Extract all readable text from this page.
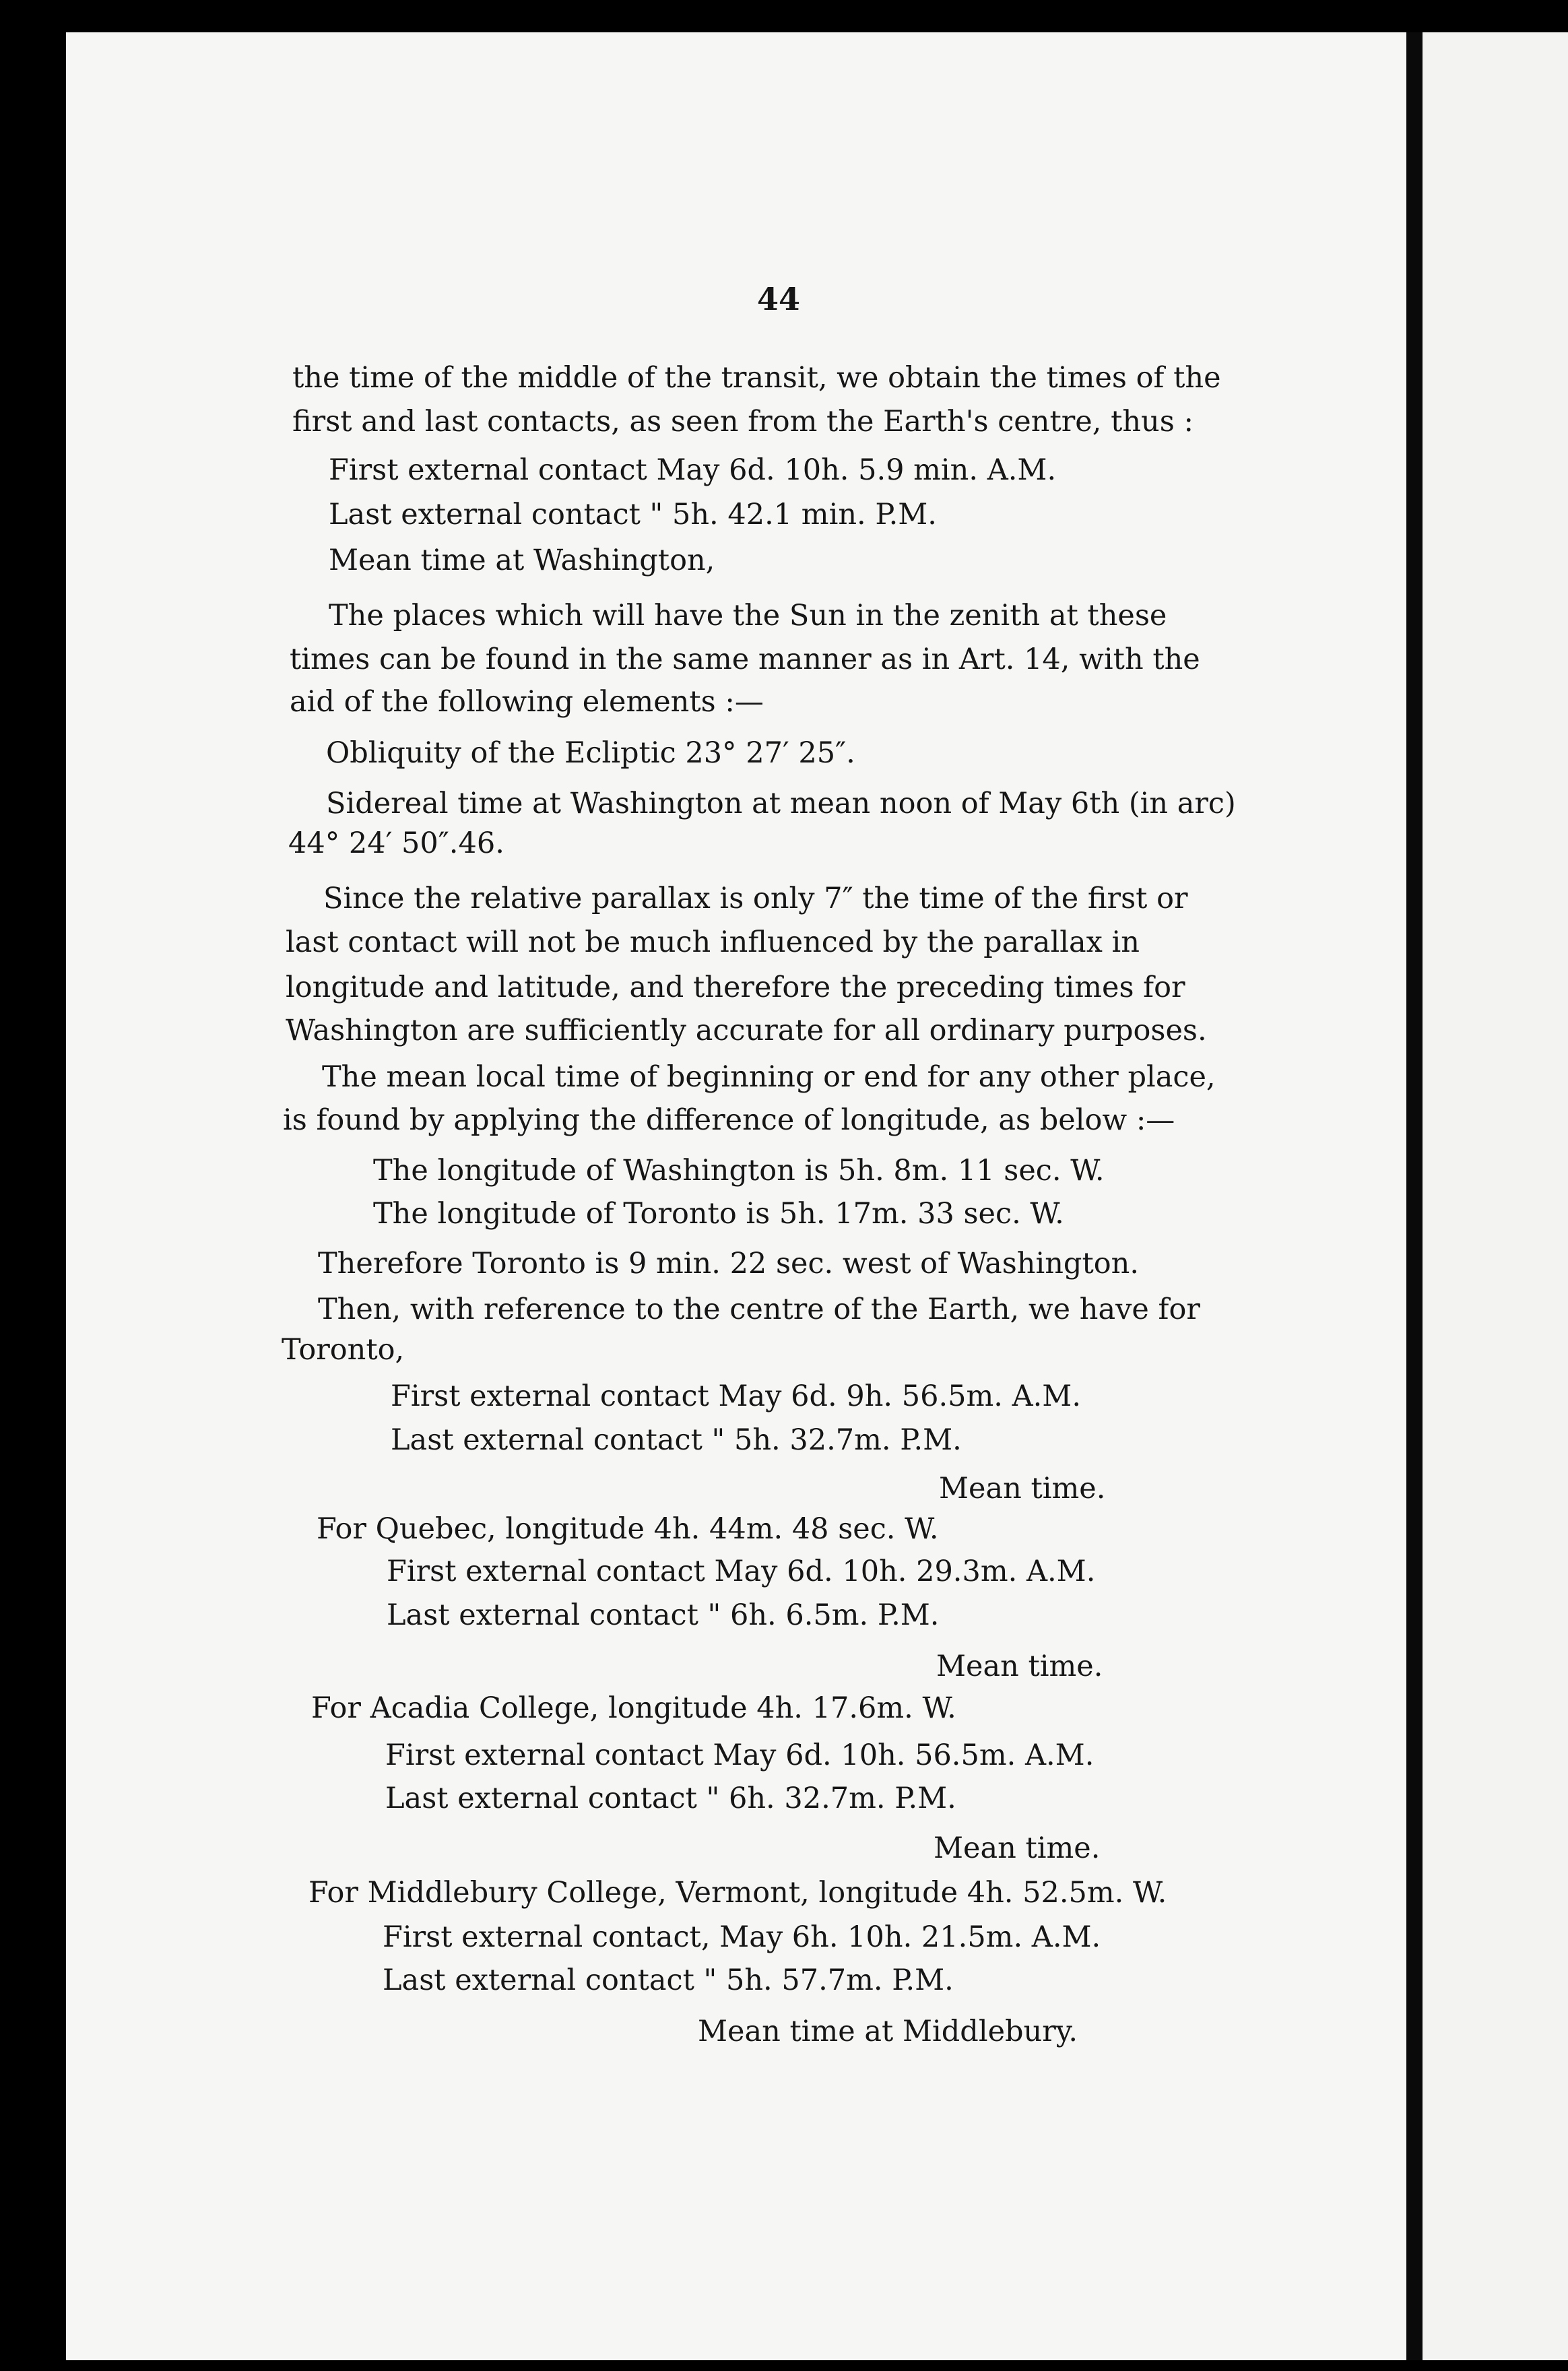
44
the time of the middle of the transit, we obtain the times of the
first and last contacts, as seen from the Earth's centre, thus :
First external contact May 6d. 10h. 5.9 min. A.M.
Last external contact " 5h. 42.1 min. P.M.
Mean time at Washington,
The places which will have the Sun in the zenith at these
times can be found in the same manner as in Art. 14, with the
aid of the following elements :—
Obliquity of the Ecliptic 23° 27′ 25″.
Sidereal time at Washington at mean noon of May 6th (in arc)
44° 24′ 50″.46.
Since the relative parallax is only 7″ the time of the first or
last contact will not be much influenced by the parallax in
longitude and latitude, and therefore the preceding times for
Washington are sufficiently accurate for all ordinary purposes.
The mean local time of beginning or end for any other place,
is found by applying the difference of longitude, as below :—
The longitude of Washington is 5h. 8m. 11 sec. W.
The longitude of Toronto is 5h. 17m. 33 sec. W.
Therefore Toronto is 9 min. 22 sec. west of Washington.
Then, with reference to the centre of the Earth, we have for
Toronto,
First external contact May 6d. 9h. 56.5m. A.M.
Last external contact " 5h. 32.7m. P.M.
Mean time.
For Quebec, longitude 4h. 44m. 48 sec. W.
First external contact May 6d. 10h. 29.3m. A.M.
Last external contact " 6h. 6.5m. P.M.
Mean time.
For Acadia College, longitude 4h. 17.6m. W.
First external contact May 6d. 10h. 56.5m. A.M.
Last external contact " 6h. 32.7m. P.M.
Mean time.
For Middlebury College, Vermont, longitude 4h. 52.5m. W.
First external contact, May 6h. 10h. 21.5m. A.M.
Last external contact " 5h. 57.7m. P.M.
Mean time at Middlebury.
